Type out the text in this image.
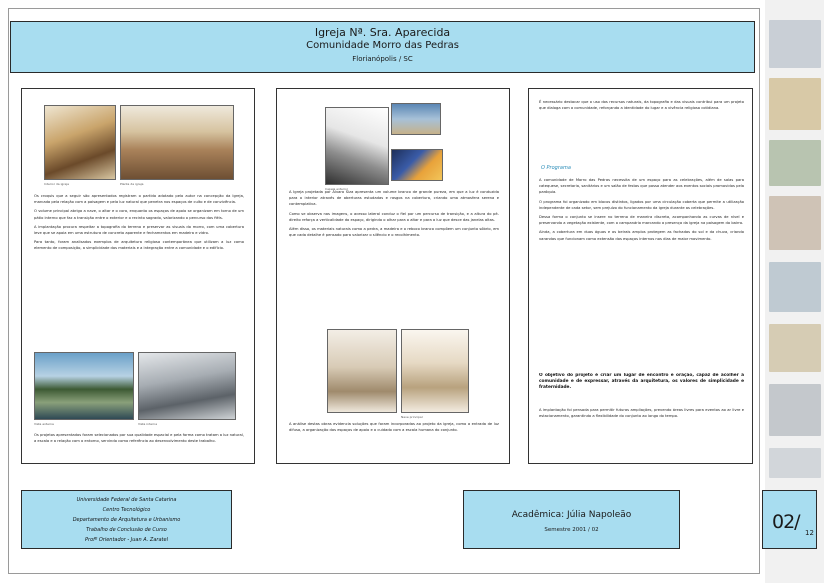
Igreja Nª. Sra. Aparecida
Comunidade Morro das Pedras
Florianópolis / SC
Interior da igreja	Planta da igreja

Os croquis que a seguir são apresentados registram o partido adotado pelo autor na concepção da Igreja, marcada pela relação com a paisagem e pela luz natural que penetra nos espaços de culto e de convivência.

O volume principal abriga a nave, o altar e o coro, enquanto os espaços de apoio se organizam em torno de um pátio interno que faz a transição entre o exterior e o recinto sagrado, valorizando o percurso dos fiéis.

A implantação procura respeitar a topografia do terreno e preservar as visuais do morro, com uma cobertura leve que se apoia em uma estrutura de concreto aparente e fechamentos em madeira e vidro.

Para tanto, foram analisados exemplos de arquitetura religiosa contemporânea que utilizam a luz como elemento de composição, a simplicidade dos materiais e a integração entre a comunidade e o edifício.

Vista externa	Vista interna
Os projetos apresentados foram selecionados por sua qualidade espacial e pela forma como tratam a luz natural, a escala e a relação com o entorno, servindo como referência ao desenvolvimento deste trabalho.
Capela exterior

A Igreja projetada por Álvaro Siza apresenta um volume branco de grande pureza, em que a luz é conduzida para o interior através de aberturas estudadas e rasgos na cobertura, criando uma atmosfera serena e contemplativa.

Como se observa nas imagens, o acesso lateral conduz o fiel por um percurso de transição, e a altura do pé-direito reforça a verticalidade do espaço, dirigindo o olhar para o altar e para a luz que desce das janelas altas.

Além disso, os materiais naturais como a pedra, a madeira e o reboco branco compõem um conjunto sóbrio, em que cada detalhe é pensado para valorizar o silêncio e o recolhimento.

Nave principal
A análise destas obras evidencia soluções que foram incorporadas ao projeto da igreja, como a entrada de luz difusa, a organização dos espaços de apoio e o cuidado com a escala humana do conjunto.
É necessário destacar que o uso dos recursos naturais, da topografia e das visuais contribui para um projeto que dialoga com a comunidade, reforçando a identidade do lugar e a vivência religiosa cotidiana.
O Programa

A comunidade de Morro das Pedras necessita de um espaço para as celebrações, além de salas para catequese, secretaria, sanitários e um salão de festas que possa atender aos eventos sociais promovidos pela paróquia.

O programa foi organizado em blocos distintos, ligados por uma circulação coberta que permite a utilização independente de cada setor, sem prejuízo do funcionamento da igreja durante as celebrações.

Dessa forma o conjunto se insere no terreno de maneira discreta, acompanhando as curvas de nível e preservando a vegetação existente, com o campanário marcando a presença da igreja na paisagem do bairro.

Ainda, a cobertura em duas águas e os beirais amplos protegem as fachadas do sol e da chuva, criando varandas que funcionam como extensão dos espaços internos nos dias de maior movimento.

O objetivo do projeto é criar um lugar de encontro e oração, capaz de acolher a comunidade e de expressar, através da arquitetura, os valores de simplicidade e fraternidade.
A implantação foi pensada para permitir futuras ampliações, prevendo áreas livres para eventos ao ar livre e estacionamento, garantindo a flexibilidade do conjunto ao longo do tempo.
Universidade Federal de Santa Catarina
Centro Tecnológico
Departamento de Arquitetura e Urbanismo
Trabalho de Conclusão de Curso
Profº Orientador - Juan A. Zaratel
Acadêmica: Júlia Napoleão
Semestre 2001 / 02	02/ 12
